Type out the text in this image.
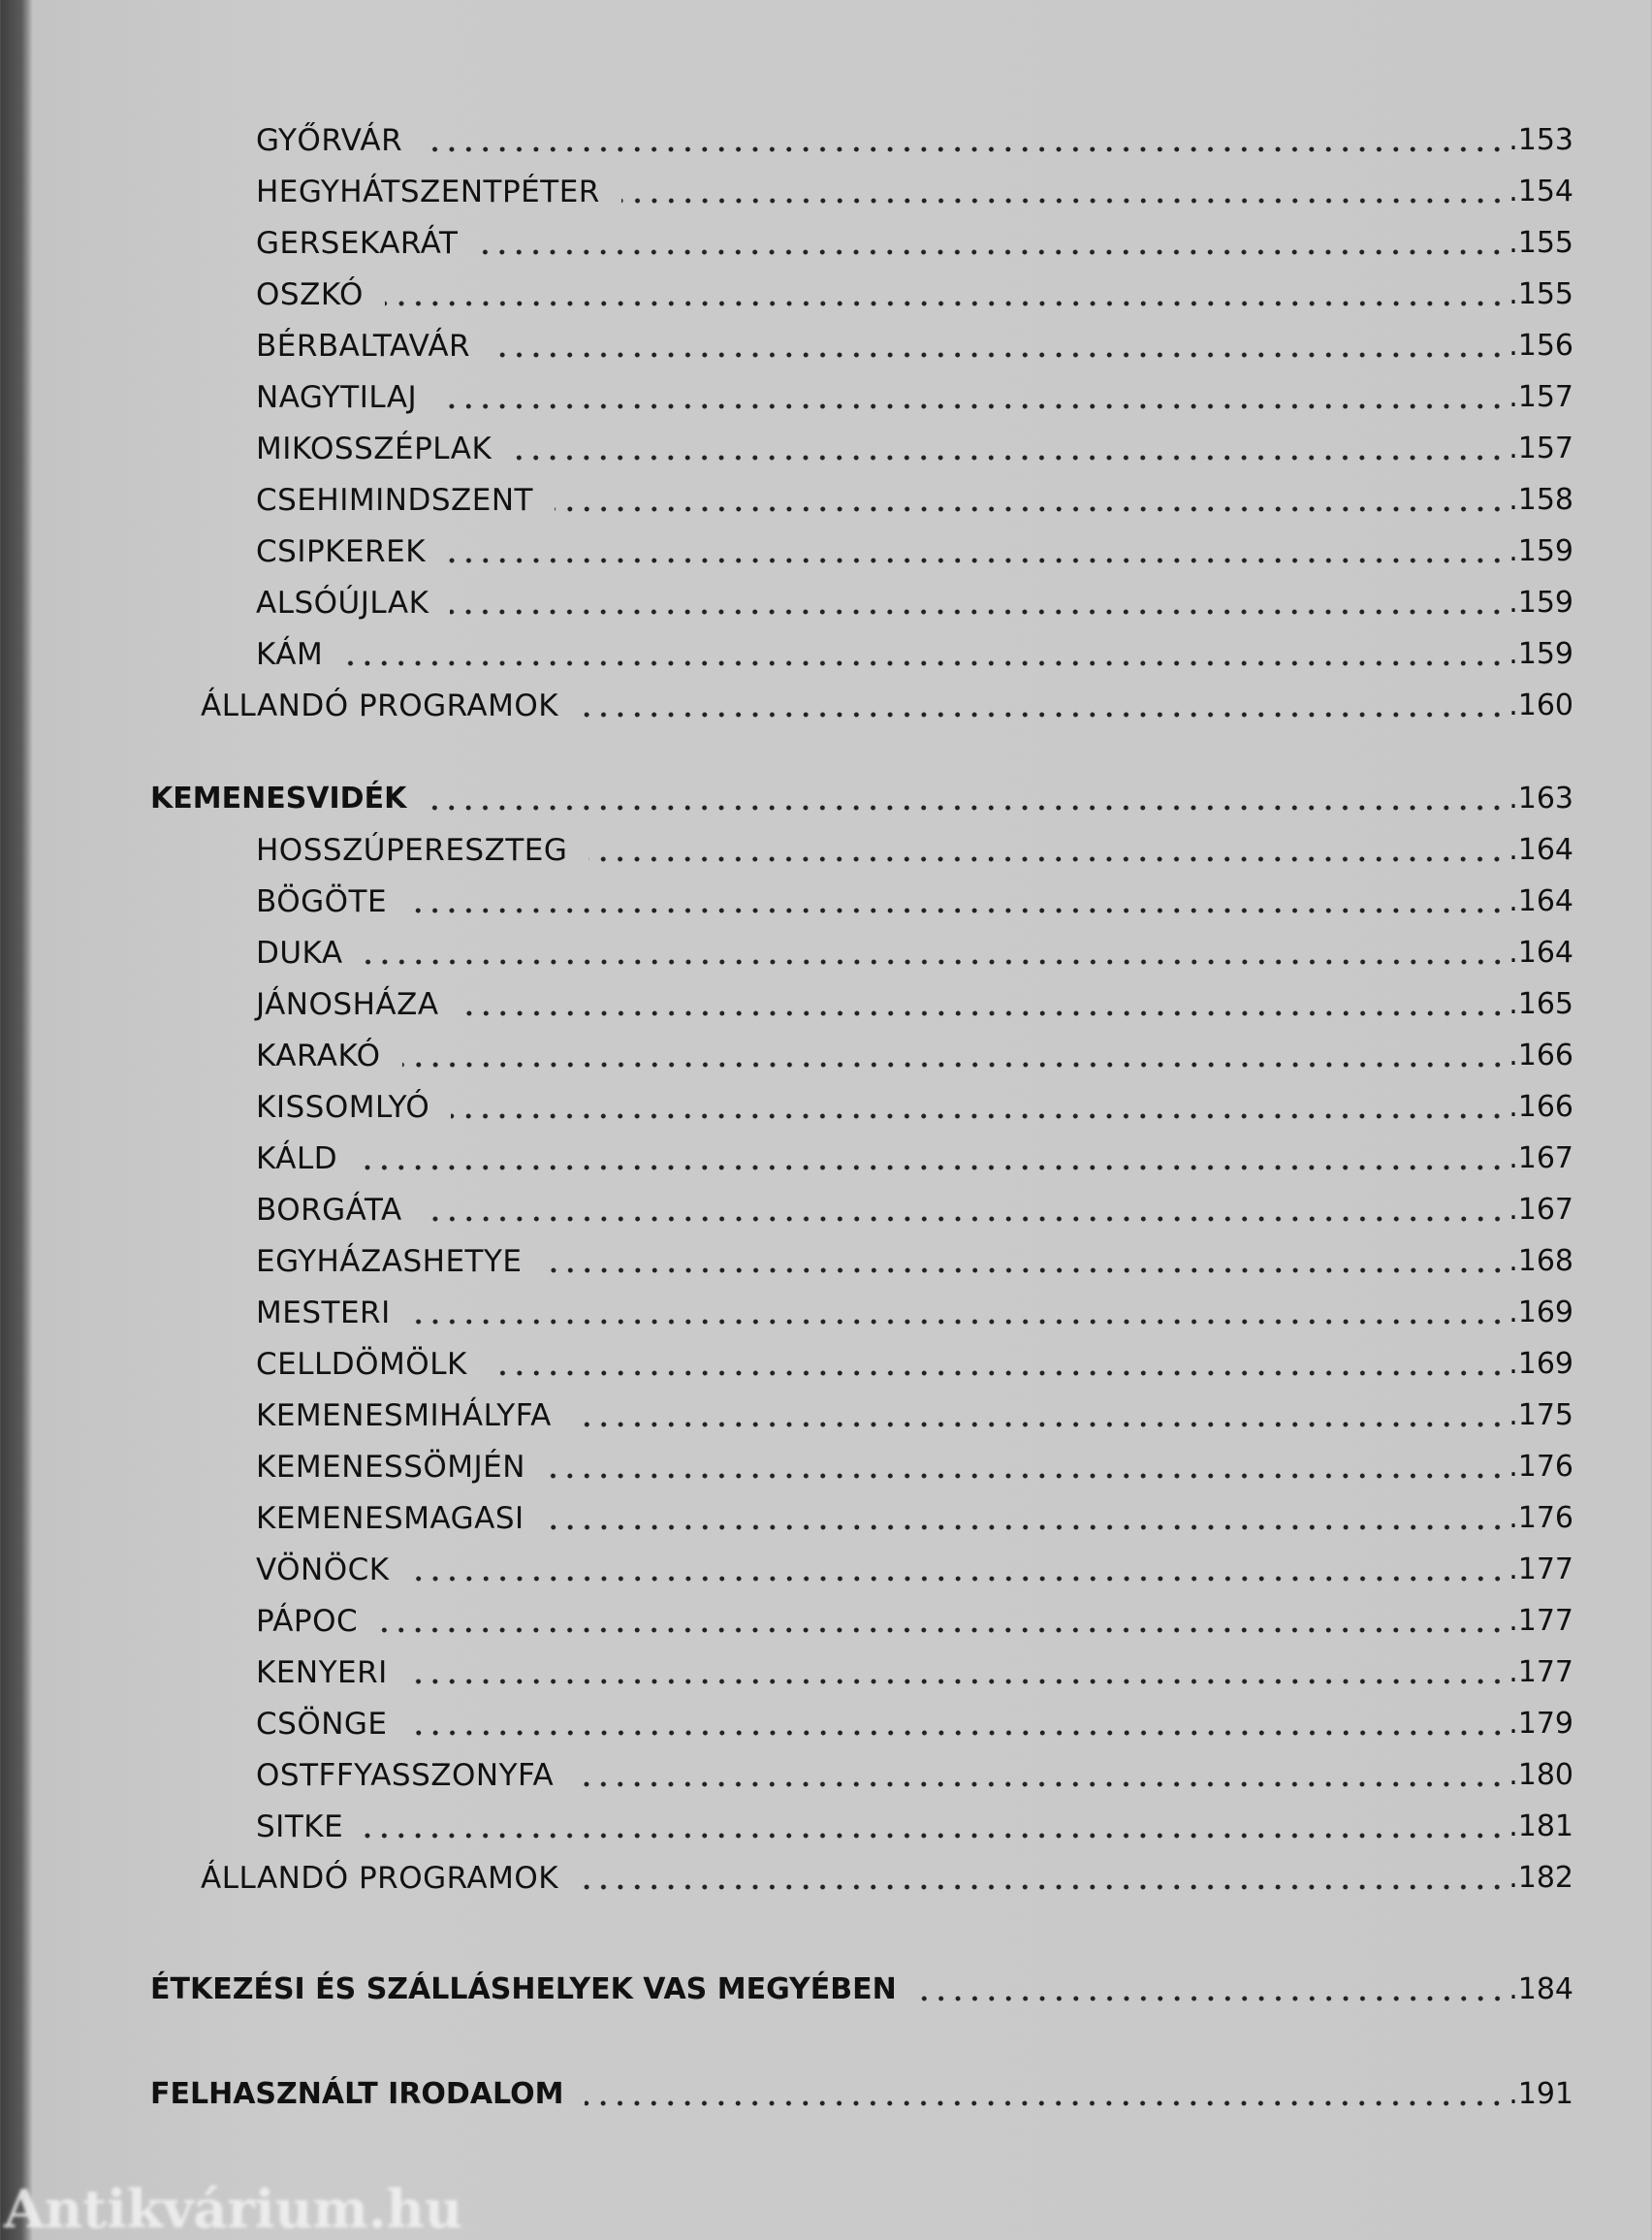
GYŐRVÁR	.153
HEGYHÁTSZENTPÉTER	.154
GERSEKARÁT	.155
OSZKÓ	.155
BÉRBALTAVÁR	.156
NAGYTILAJ	.157
MIKOSSZÉPLAK	.157
CSEHIMINDSZENT	.158
CSIPKEREK	.159
ALSÓÚJLAK	.159
KÁM	.159
ÁLLANDÓ PROGRAMOK	.160
KEMENESVIDÉK	.163
HOSSZÚPERESZTEG	.164
BÖGÖTE	.164
DUKA	.164
JÁNOSHÁZA	.165
KARAKÓ	.166
KISSOMLYÓ	.166
KÁLD	.167
BORGÁTA	.167
EGYHÁZASHETYE	.168
MESTERI	.169
CELLDÖMÖLK	.169
KEMENESMIHÁLYFA	.175
KEMENESSÖMJÉN	.176
KEMENESMAGASI	.176
VÖNÖCK	.177
PÁPOC	.177
KENYERI	.177
CSÖNGE	.179
OSTFFYASSZONYFA	.180
SITKE	.181
ÁLLANDÓ PROGRAMOK	.182
ÉTKEZÉSI ÉS SZÁLLÁSHELYEK VAS MEGYÉBEN	.184
FELHASZNÁLT IRODALOM	.191
Antikvárium.hu
